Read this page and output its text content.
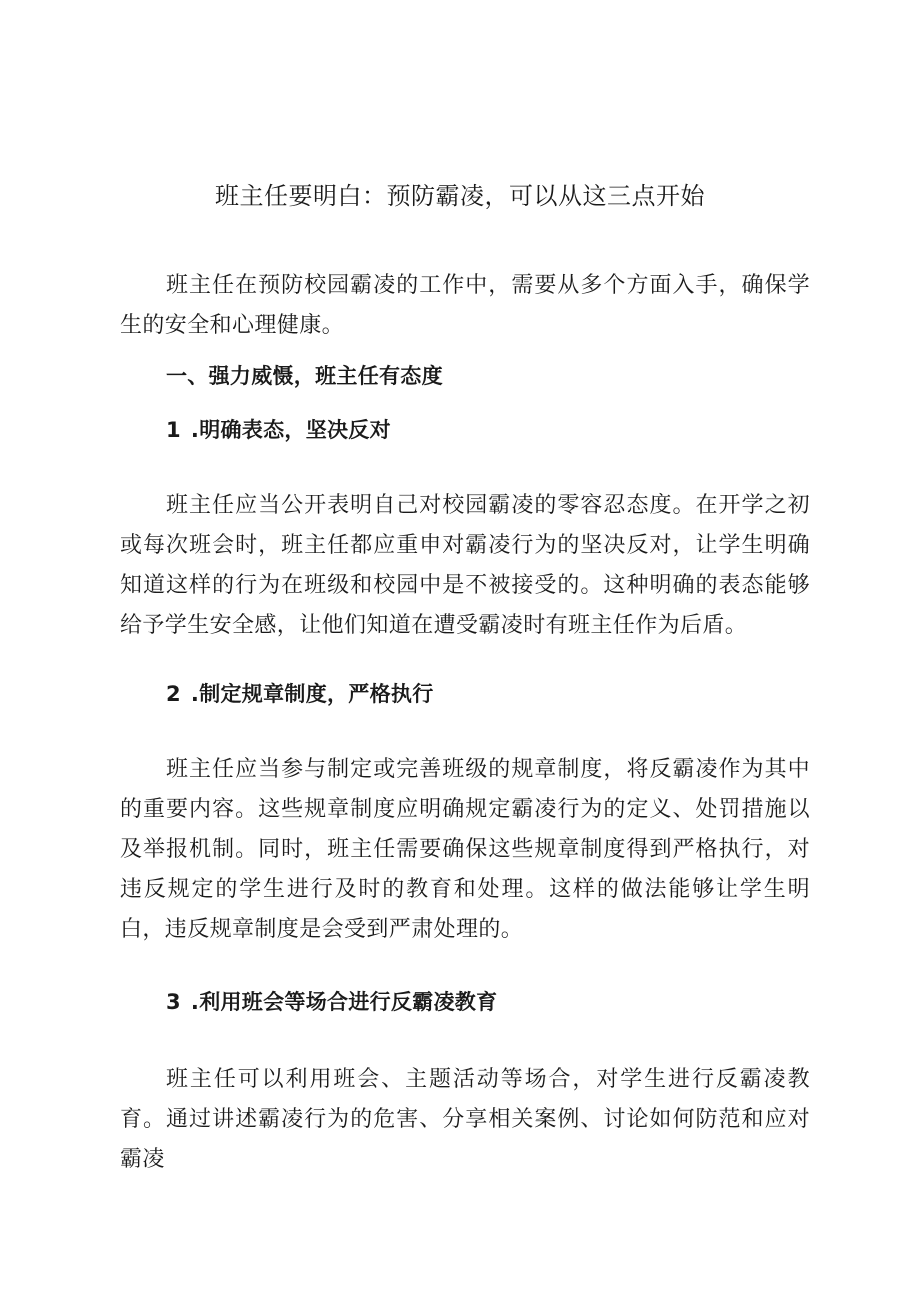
班主任要明白：预防霸凌，可以从这三点开始

班主任在预防校园霸凌的工作中，需要从多个方面入手，确保学生的安全和心理健康。

一、强力威慑，班主任有态度
1 .明确表态，坚决反对

班主任应当公开表明自己对校园霸凌的零容忍态度。在开学之初或每次班会时，班主任都应重申对霸凌行为的坚决反对，让学生明确知道这样的行为在班级和校园中是不被接受的。这种明确的表态能够给予学生安全感，让他们知道在遭受霸凌时有班主任作为后盾。

2 .制定规章制度，严格执行

班主任应当参与制定或完善班级的规章制度，将反霸凌作为其中的重要内容。这些规章制度应明确规定霸凌行为的定义、处罚措施以及举报机制。同时，班主任需要确保这些规章制度得到严格执行，对违反规定的学生进行及时的教育和处理。这样的做法能够让学生明白，违反规章制度是会受到严肃处理的。

3 .利用班会等场合进行反霸凌教育

班主任可以利用班会、主题活动等场合，对学生进行反霸凌教育。通过讲述霸凌行为的危害、分享相关案例、讨论如何防范和应对霸凌
